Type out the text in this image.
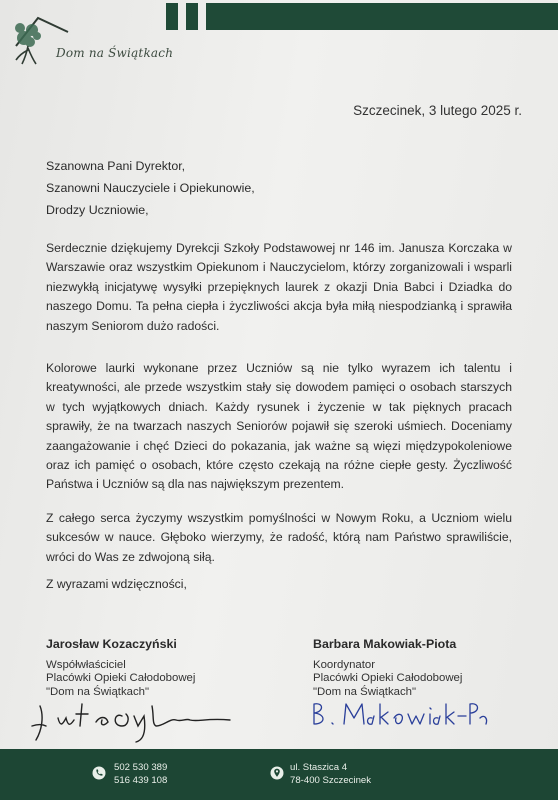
Dom na Świątkach
Szczecinek, 3 lutego 2025 r.
Szanowna Pani Dyrektor,
Szanowni Nauczyciele i Opiekunowie,
Drodzy Uczniowie,
Serdecznie dziękujemy Dyrekcji Szkoły Podstawowej nr 146 im. Janusza Korczaka w Warszawie oraz wszystkim Opiekunom i Nauczycielom, którzy zorganizowali i wsparli niezwykłą inicjatywę wysyłki przepięknych laurek z okazji Dnia Babci i Dziadka do naszego Domu. Ta pełna ciepła i życzliwości akcja była miłą niespodzianką i sprawiła naszym Seniorom dużo radości.
Kolorowe laurki wykonane przez Uczniów są nie tylko wyrazem ich talentu i kreatywności, ale przede wszystkim stały się dowodem pamięci o osobach starszych w tych wyjątkowych dniach. Każdy rysunek i życzenie w tak pięknych pracach sprawiły, że na twarzach naszych Seniorów pojawił się szeroki uśmiech. Doceniamy zaangażowanie i chęć Dzieci do pokazania, jak ważne są więzi międzypokoleniowe oraz ich pamięć o osobach, które często czekają na różne ciepłe gesty. Życzliwość Państwa i Uczniów są dla nas największym prezentem.
Z całego serca życzymy wszystkim pomyślności w Nowym Roku, a Uczniom wielu sukcesów w nauce. Głęboko wierzymy, że radość, którą nam Państwo sprawiliście, wróci do Was ze zdwojoną siłą.
Z wyrazami wdzięczności,
Jarosław Kozaczyński
Współwłaściciel
Placówki Opieki Całodobowej
"Dom na Świątkach"
Barbara Makowiak-Piota
Koordynator
Placówki Opieki Całodobowej
"Dom na Świątkach"
502 530 389
516 439 108
ul. Staszica 4
78-400 Szczecinek
